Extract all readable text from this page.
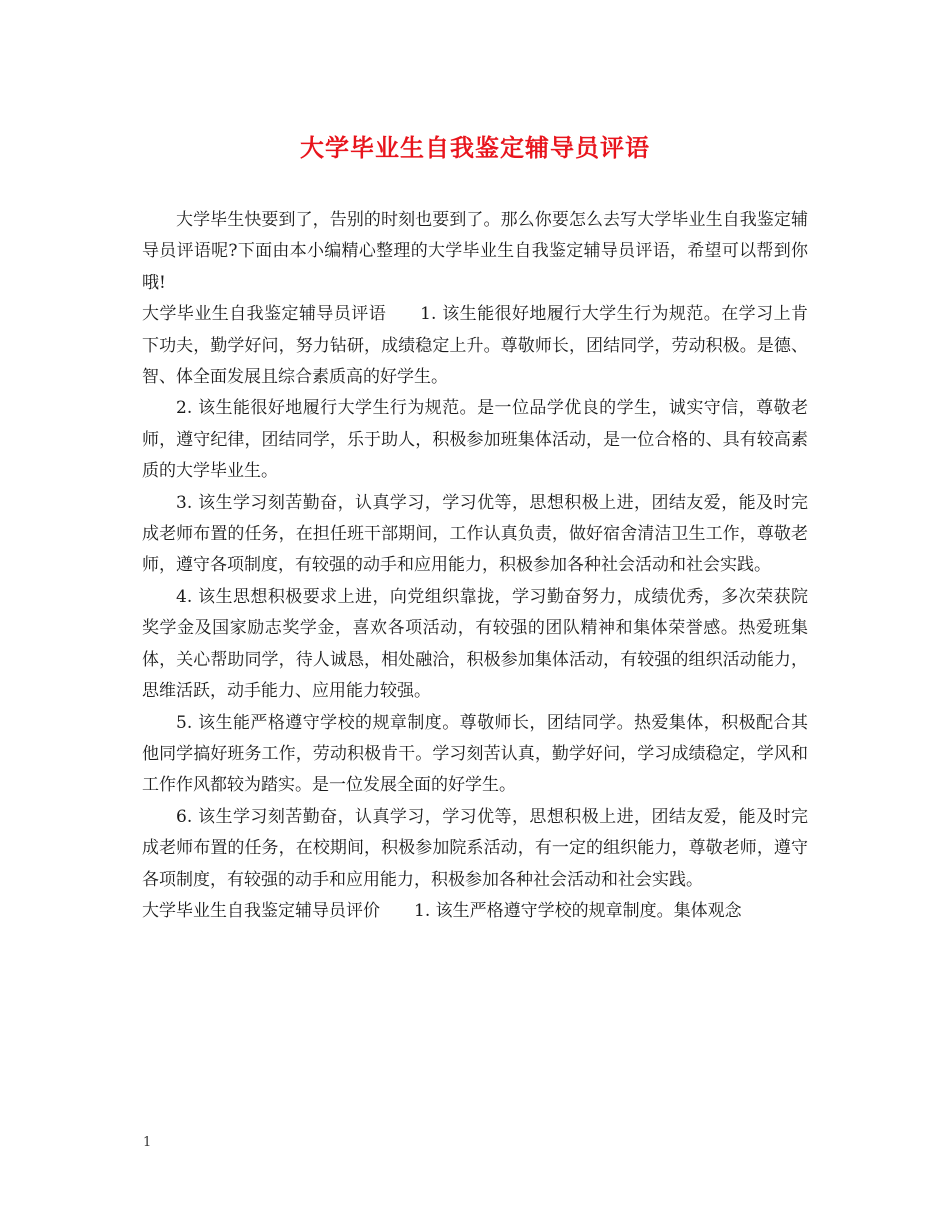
大学毕业生自我鉴定辅导员评语

大学毕生快要到了，告别的时刻也要到了。那么你要怎么去写大学毕业生自我鉴定辅导员评语呢?下面由本小编精心整理的大学毕业生自我鉴定辅导员评语，希望可以帮到你哦!

大学毕业生自我鉴定辅导员评语 1. 该生能很好地履行大学生行为规范。在学习上肯下功夫，勤学好问，努力钻研，成绩稳定上升。尊敬师长，团结同学，劳动积极。是德、智、体全面发展且综合素质高的好学生。

2. 该生能很好地履行大学生行为规范。是一位品学优良的学生，诚实守信，尊敬老师，遵守纪律，团结同学，乐于助人，积极参加班集体活动，是一位合格的、具有较高素质的大学毕业生。

3. 该生学习刻苦勤奋，认真学习，学习优等，思想积极上进，团结友爱，能及时完成老师布置的任务，在担任班干部期间，工作认真负责，做好宿舍清洁卫生工作，尊敬老师，遵守各项制度，有较强的动手和应用能力，积极参加各种社会活动和社会实践。

4. 该生思想积极要求上进，向党组织靠拢，学习勤奋努力，成绩优秀，多次荣获院奖学金及国家励志奖学金，喜欢各项活动，有较强的团队精神和集体荣誉感。热爱班集体，关心帮助同学，待人诚恳，相处融洽，积极参加集体活动，有较强的组织活动能力，思维活跃，动手能力、应用能力较强。

5. 该生能严格遵守学校的规章制度。尊敬师长，团结同学。热爱集体，积极配合其他同学搞好班务工作，劳动积极肯干。学习刻苦认真，勤学好问，学习成绩稳定，学风和工作作风都较为踏实。是一位发展全面的好学生。

6. 该生学习刻苦勤奋，认真学习，学习优等，思想积极上进，团结友爱，能及时完成老师布置的任务，在校期间，积极参加院系活动，有一定的组织能力，尊敬老师，遵守各项制度，有较强的动手和应用能力，积极参加各种社会活动和社会实践。

大学毕业生自我鉴定辅导员评价 1. 该生严格遵守学校的规章制度。集体观念

1
